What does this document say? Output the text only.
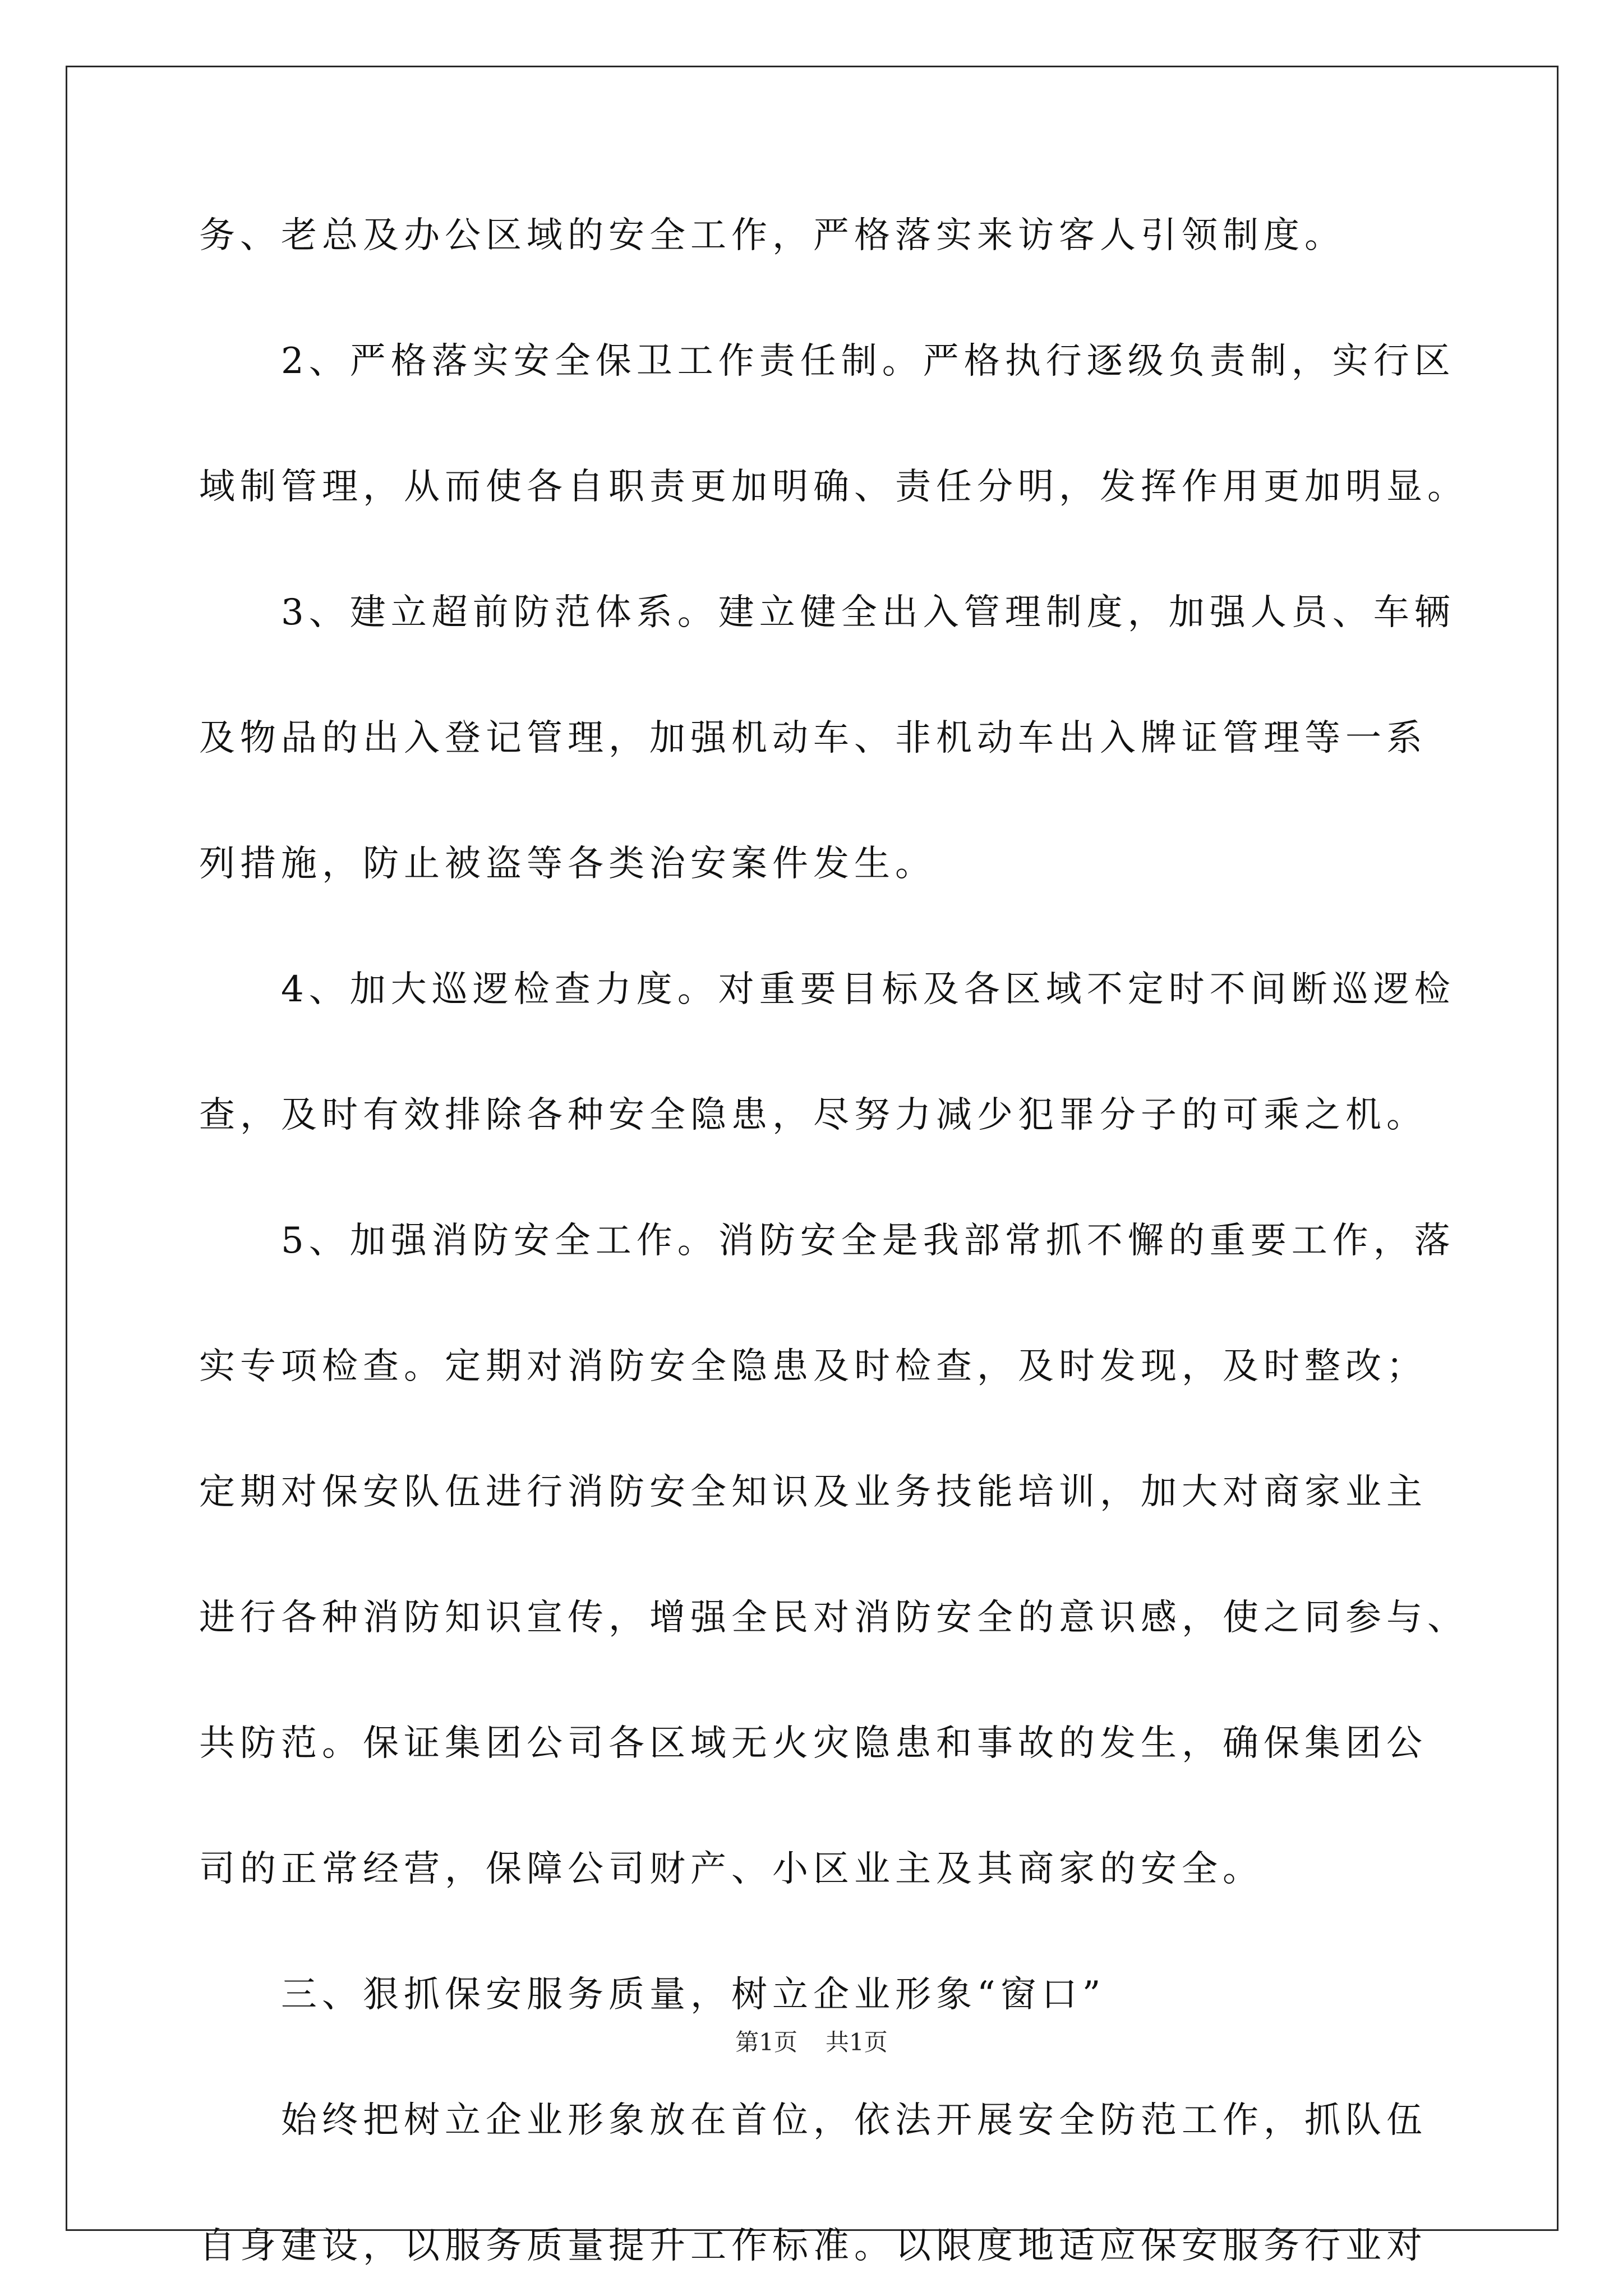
务、老总及办公区域的安全工作，严格落实来访客人引领制度。
　　2、严格落实安全保卫工作责任制。严格执行逐级负责制，实行区
域制管理，从而使各自职责更加明确、责任分明，发挥作用更加明显。
　　3、建立超前防范体系。建立健全出入管理制度，加强人员、车辆
及物品的出入登记管理，加强机动车、非机动车出入牌证管理等一系
列措施，防止被盗等各类治安案件发生。
　　4、加大巡逻检查力度。对重要目标及各区域不定时不间断巡逻检
查，及时有效排除各种安全隐患，尽努力减少犯罪分子的可乘之机。
　　5、加强消防安全工作。消防安全是我部常抓不懈的重要工作，落
实专项检查。定期对消防安全隐患及时检查，及时发现，及时整改；
定期对保安队伍进行消防安全知识及业务技能培训，加大对商家业主
进行各种消防知识宣传，增强全民对消防安全的意识感，使之同参与、
共防范。保证集团公司各区域无火灾隐患和事故的发生，确保集团公
司的正常经营，保障公司财产、小区业主及其商家的安全。
　　三、狠抓保安服务质量，树立企业形象“窗口”
　　始终把树立企业形象放在首位，依法开展安全防范工作，抓队伍
自身建设，以服务质量提升工作标准。以限度地适应保安服务行业对
第1页 共1页
